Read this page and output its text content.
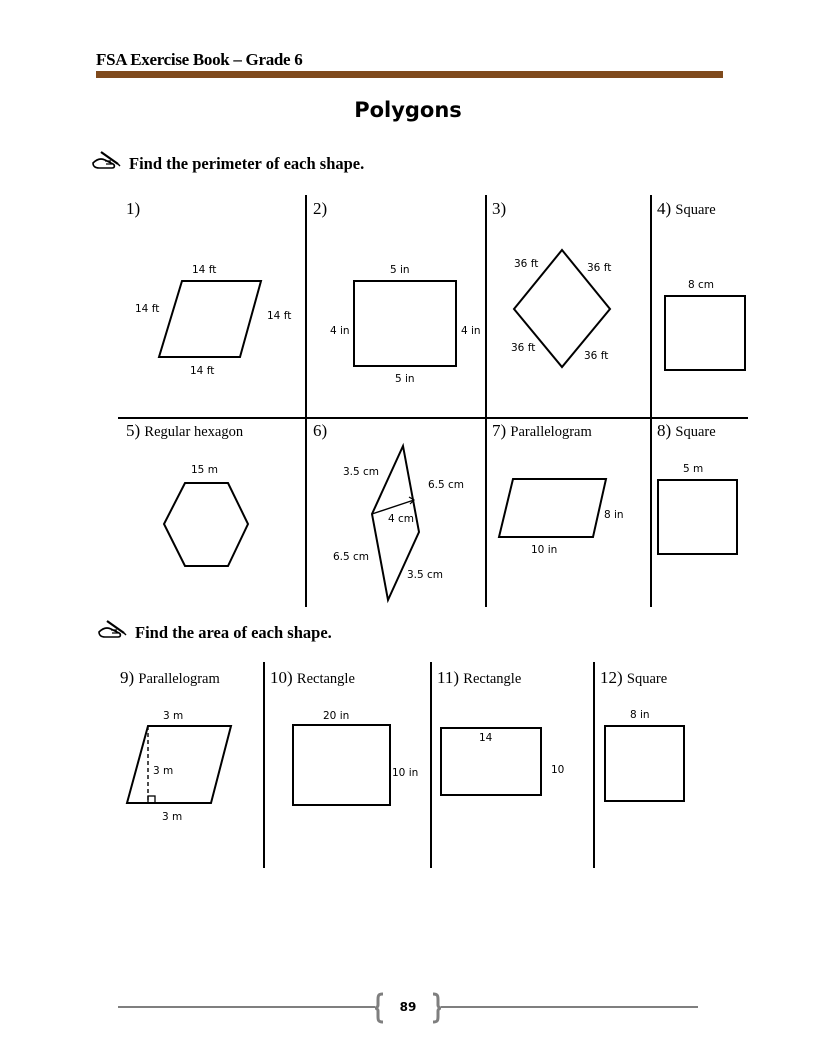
FSA Exercise Book – Grade 6
Polygons
Find the perimeter of each shape.
1)
14 ft
14 ft
14 ft
14 ft
2)
5 in
4 in	4 in
5 in
3)
36 ft	36 ft
36 ft
36 ft
4) Square
8 cm
5) Regular hexagon
15 m
6)
3.5 cm
6.5 cm
4 cm
6.5 cm
3.5 cm
7) Parallelogram
8 in
10 in
8) Square
5 m
Find the area of each shape.
9) Parallelogram
3 m
3 m
3 m
10) Rectangle
20 in
10 in
11) Rectangle
14
10
12) Square
8 in
89
